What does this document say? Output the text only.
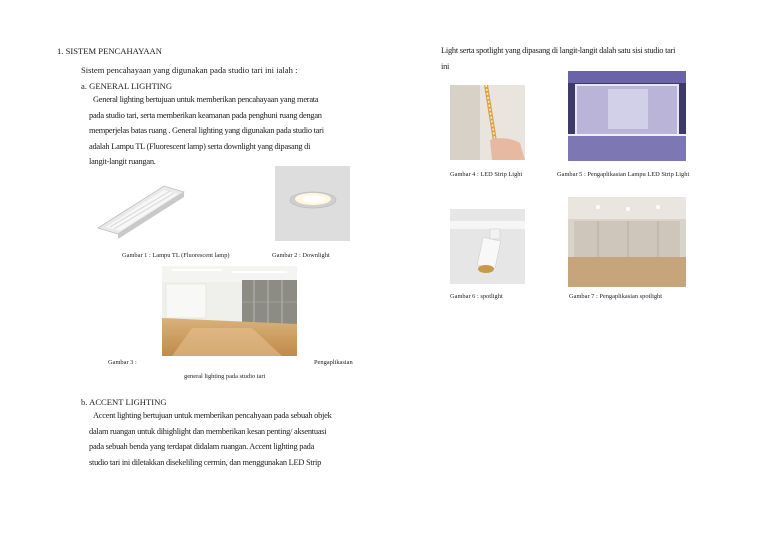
1. SISTEM PENCAHAYAAN
Sistem pencahayaan yang digunakan pada studio tari ini ialah :
a. GENERAL LIGHTING
General lighting bertujuan untuk memberikan pencahayaan yang merata
pada studio tari, serta memberikan keamanan pada penghuni ruang dengan
memperjelas batas ruang . General lighting yang digunakan pada studio tari
adalah Lampu TL (Fluorescent lamp) serta downlight yang dipasang di
langit-langit ruangan.
Gambar 1 : Lampu TL (Fluorescent lamp)	Gambar 2 : Downlight
Gambar 3 :	Pengaplikasian
general lighting pada studio tari
b. ACCENT LIGHTING
Accent lighting bertujuan untuk memberikan pencahyaan pada sebuah objek
dalam ruangan untuk dihighlight dan memberikan kesan penting/ aksentuasi
pada sebuah benda yang terdapat didalam ruangan. Accent lighting pada
studio tari ini diletakkan disekeliling cermin, dan menggunakan LED Strip
Light serta spotlight yang dipasang di langit-langit dalah satu sisi studio tari
ini
Gambar 4 : LED Strip Light	Gambar 5 : Pengaplikasian Lampu LED Strip Light
Gambar 6 : spotlight	Gambar 7 : Pengaplikasian spotlight
